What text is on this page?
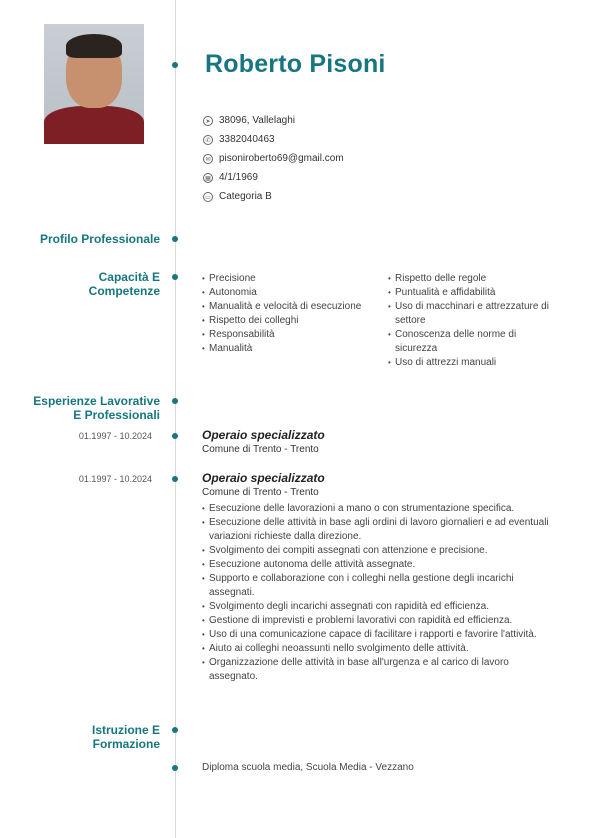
Roberto Pisoni
➤ 38096, Vallelaghi
✆ 3382040463
✉ pisoniroberto69@gmail.com
▦ 4/1/1969
▭ Categoria B
Profilo Professionale
Capacità E
Competenze
• Precisione
• Autonomia
• Manualità e velocità di esecuzione
• Rispetto dei colleghi
• Responsabilità
• Manualità
• Rispetto delle regole
• Puntualità e affidabilità
• Uso di macchinari e attrezzature di settore
• Conoscenza delle norme di sicurezza
• Uso di attrezzi manuali
Esperienze Lavorative
E Professionali
01.1997 - 10.2024	Operaio specializzato
Comune di Trento - Trento
01.1997 - 10.2024	Operaio specializzato
Comune di Trento - Trento
• Esecuzione delle lavorazioni a mano o con strumentazione specifica.
• Esecuzione delle attività in base agli ordini di lavoro giornalieri e ad eventuali variazioni richieste dalla direzione.
• Svolgimento dei compiti assegnati con attenzione e precisione.
• Esecuzione autonoma delle attività assegnate.
• Supporto e collaborazione con i colleghi nella gestione degli incarichi assegnati.
• Svolgimento degli incarichi assegnati con rapidità ed efficienza.
• Gestione di imprevisti e problemi lavorativi con rapidità ed efficienza.
• Uso di una comunicazione capace di facilitare i rapporti e favorire l'attività.
• Aiuto ai colleghi neoassunti nello svolgimento delle attività.
• Organizzazione delle attività in base all'urgenza e al carico di lavoro assegnato.
Istruzione E
Formazione
Diploma scuola media, Scuola Media - Vezzano
